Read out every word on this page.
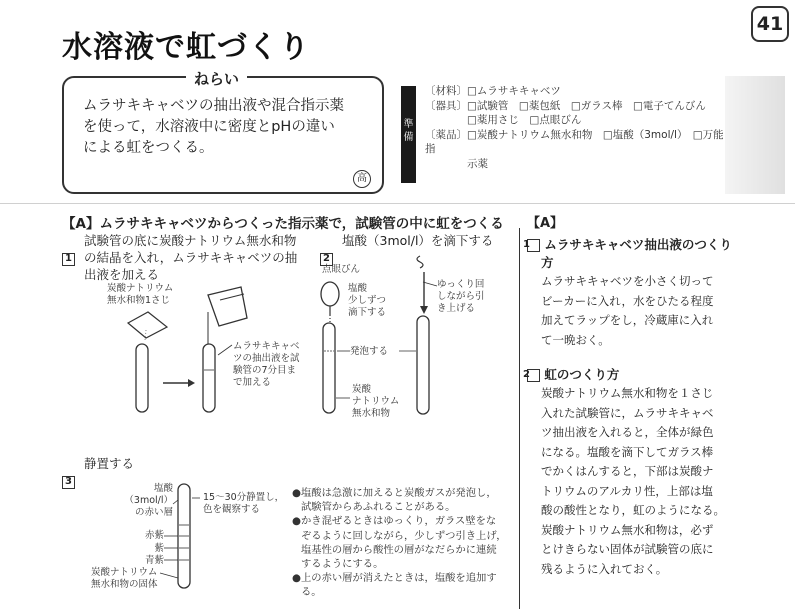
41
水溶液で虹づくり
ねらい
ムラサキキャベツの抽出液や混合指示薬
を使って，水溶液中に密度とpHの違い
による虹をつくる。
高
準
備
〔材料〕□ムラサキキャベツ
〔器具〕□試験管　□薬包紙　□ガラス棒　□電子てんびん
　　　　□薬用さじ　□点眼びん
〔薬品〕□炭酸ナトリウム無水和物　□塩酸（3mol/l）　□万能指
　　　　示薬
【A】ムラサキキャベツからつくった指示薬で，試験管の中に虹をつくる

1

試験管の底に炭酸ナトリウム無水和物
の結晶を入れ，ムラサキキャベツの抽
出液を加える
炭酸ナトリウム
無水和物1さじ
ムラサキキャベ
ツの抽出液を試
験管の7分目ま
で加える

2

塩酸（3mol/l）を滴下する
点眼びん
塩酸
少しずつ
滴下する
ゆっくり回
しながら引
き上げる
発泡する
炭酸
ナトリウム
無水和物

3

静置する
塩酸
（3mol/l）
の赤い層
15～30分静置し，
色を観察する
赤紫
紫
青紫
炭酸ナトリウム
無水和物の固体
●塩酸は急激に加えると炭酸ガスが発泡し，
試験管からあふれることがある。
●かき混ぜるときはゆっくり，ガラス壁をな
ぞるように回しながら，少しずつ引き上げ，
塩基性の層から酸性の層がなだらかに連続
するようにする。
●上の赤い層が消えたときは，塩酸を追加す
る。
【A】
1 ムラサキキャベツ抽出液のつくり
方
ムラサキキャベツを小さく切って
ビーカーに入れ，水をひたる程度
加えてラップをし，冷蔵庫に入れ
て一晩おく。
2 虹のつくり方
炭酸ナトリウム無水和物を１さじ
入れた試験管に，ムラサキキャベ
ツ抽出液を入れると，全体が緑色
になる。塩酸を滴下してガラス棒
でかくはんすると，下部は炭酸ナ
トリウムのアルカリ性，上部は塩
酸の酸性となり，虹のようになる。
炭酸ナトリウム無水和物は，必ず
とけきらない固体が試験管の底に
残るように入れておく。
